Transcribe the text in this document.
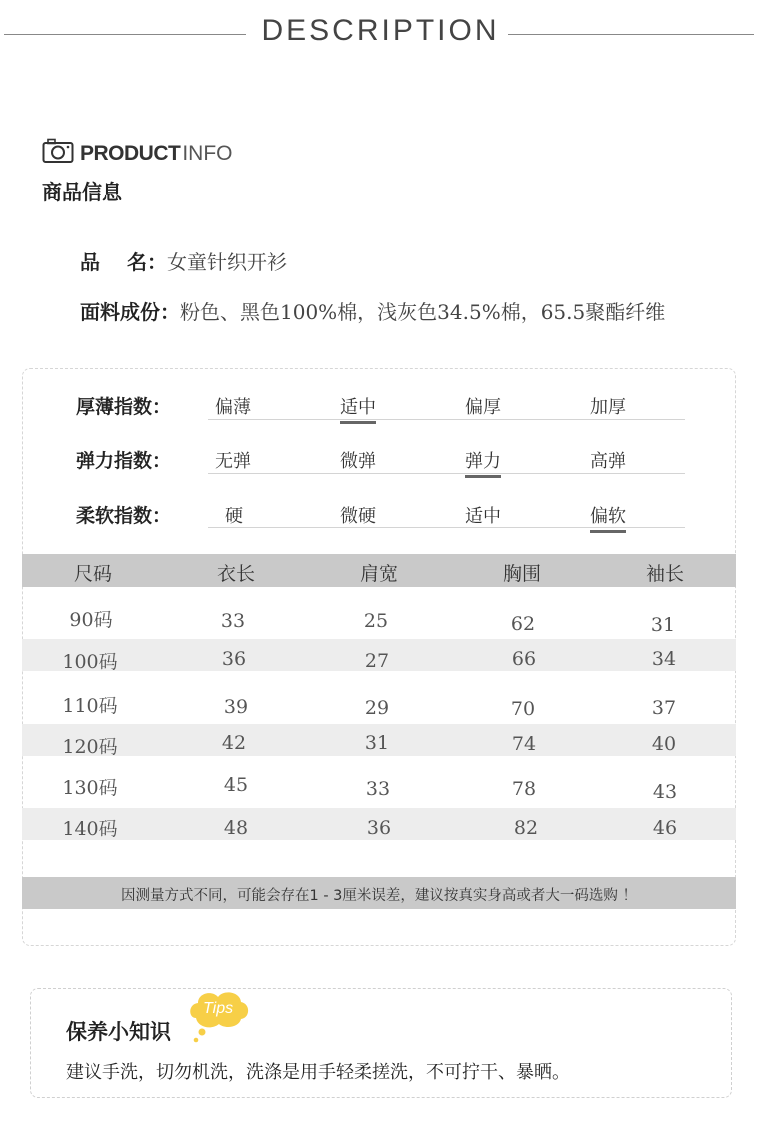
DESCRIPTION
PRODUCTINFO
商品信息
品　 名：女童针织开衫
面料成份：粉色、黑色100%棉，浅灰色34.5%棉，65.5聚酯纤维
厚薄指数： 偏薄	适中	偏厚	加厚
弹力指数： 无弹	微弹	弹力	高弹
柔软指数：	硬	微硬	适中	偏软
尺码	衣长	肩宽	胸围	袖长
90码	33	25	62	31
100码	36	27	66	34
110码	39	29	70	37
120码	42	31	74	40
130码	45	33	78	43
140码	48	36	82	46
因测量方式不同，可能会存在1 - 3厘米误差，建议按真实身高或者大一码选购 ！
Tips
保养小知识
建议手洗，切勿机洗，洗涤是用手轻柔搓洗，不可拧干、暴晒。
